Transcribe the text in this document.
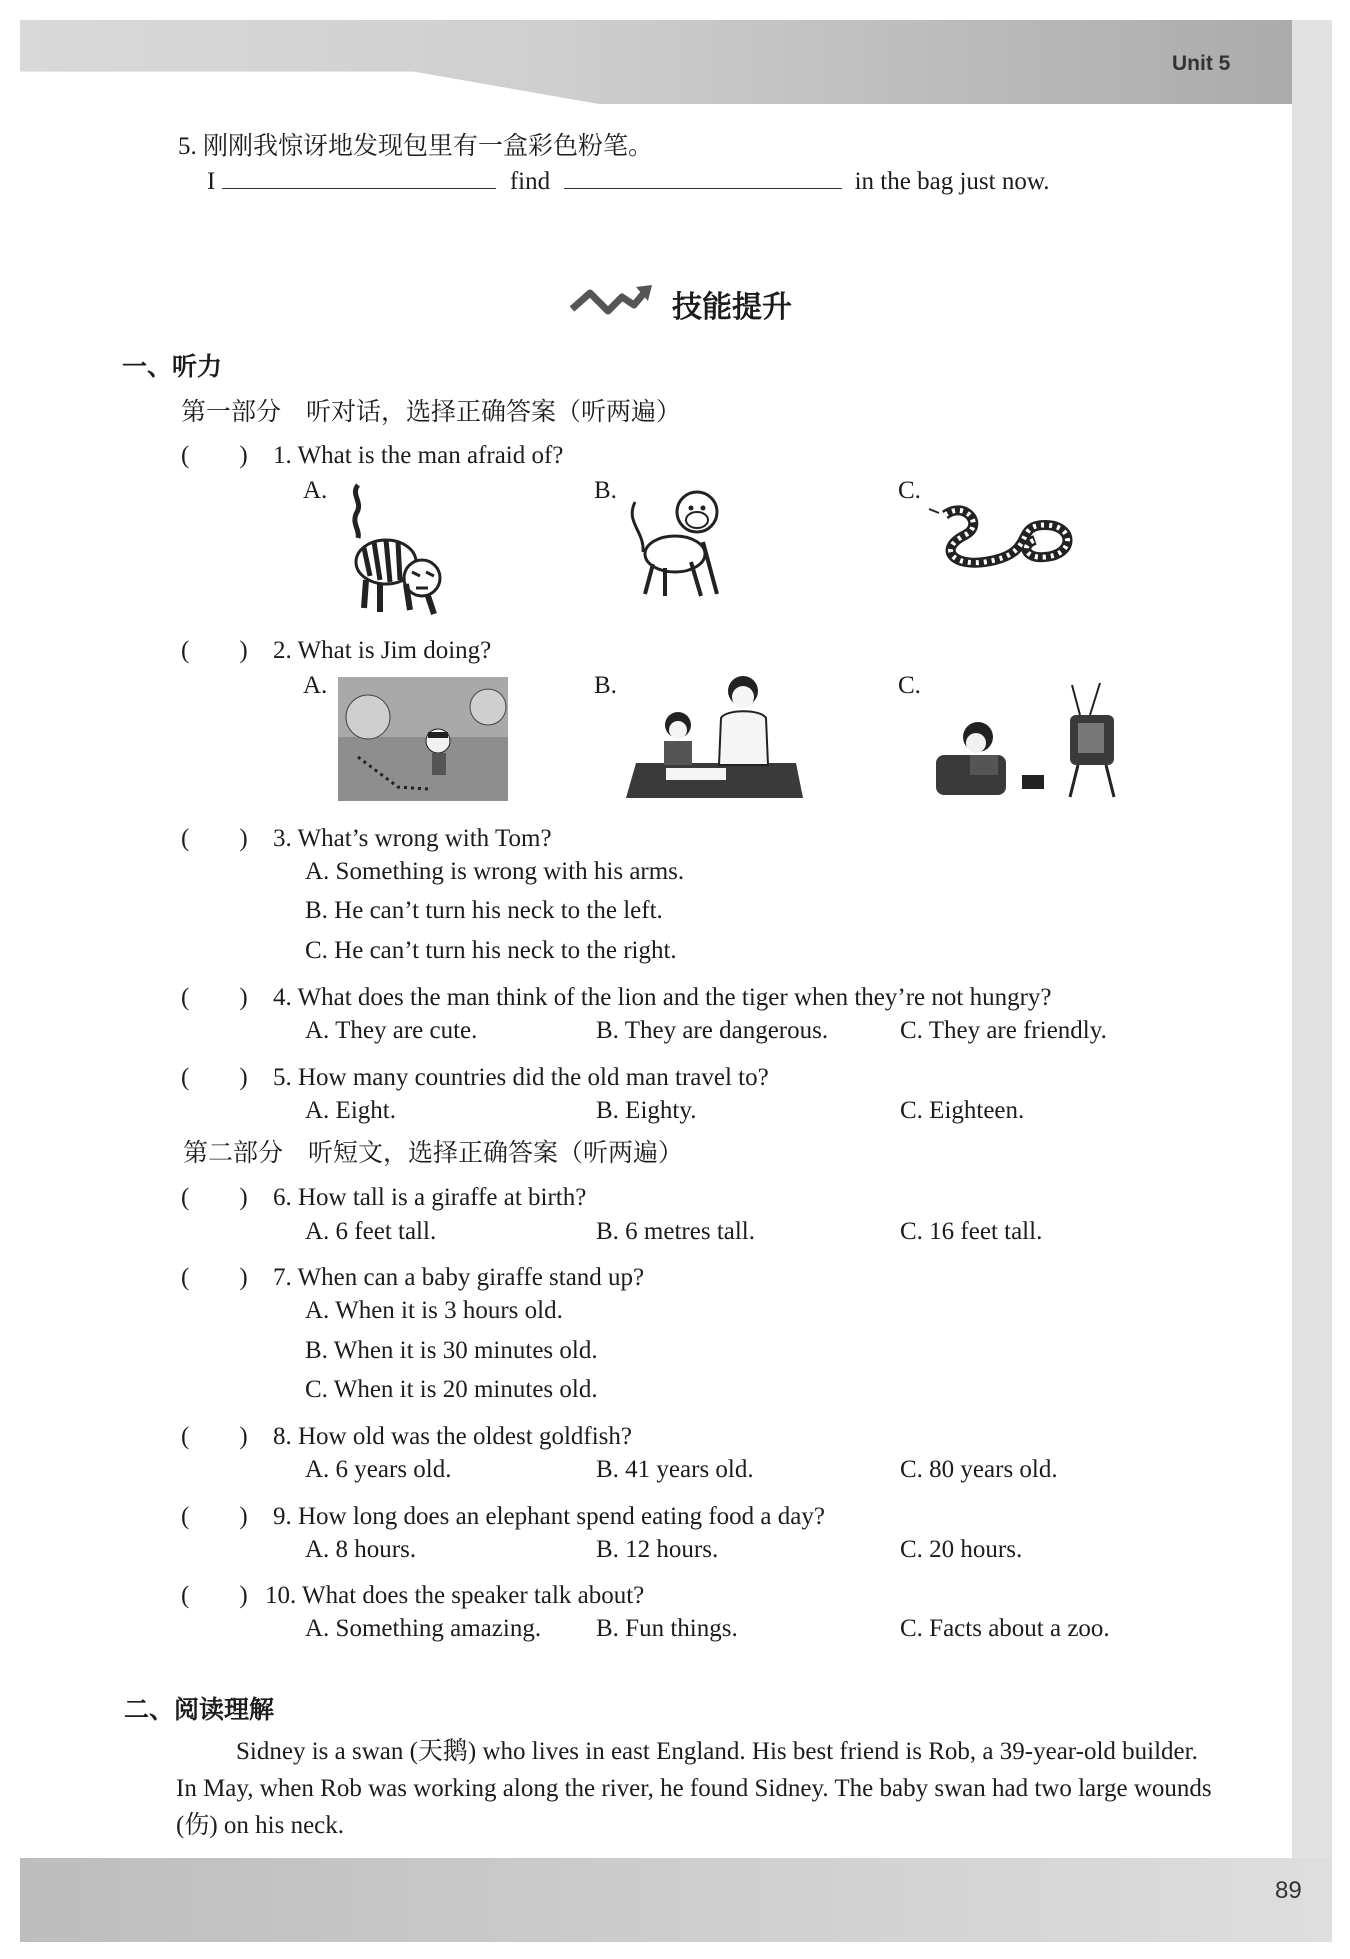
Unit 5
5. 刚刚我惊讶地发现包里有一盒彩色粉笔。
I	find	in the bag just now.
技能提升
一、听力
第一部分　听对话，选择正确答案（听两遍）
(　　) 1. What is the man afraid of?
A.	B.	C.
(　　) 2. What is Jim doing?
A.	B.	C.
(　　) 3. What’s wrong with Tom?
A. Something is wrong with his arms.
B. He can’t turn his neck to the left.
C. He can’t turn his neck to the right.
(　　) 4. What does the man think of the lion and the tiger when they’re not hungry?
A. They are cute.	B. They are dangerous.	C. They are friendly.
(　　) 5. How many countries did the old man travel to?
A. Eight.	B. Eighty.	C. Eighteen.
第二部分　听短文，选择正确答案（听两遍）
(　　) 6. How tall is a giraffe at birth?
A. 6 feet tall.	B. 6 metres tall.	C. 16 feet tall.
(　　) 7. When can a baby giraffe stand up?
A. When it is 3 hours old.
B. When it is 30 minutes old.
C. When it is 20 minutes old.
(　　) 8. How old was the oldest goldfish?
A. 6 years old.	B. 41 years old.	C. 80 years old.
(　　) 9. How long does an elephant spend eating food a day?
A. 8 hours.	B. 12 hours.	C. 20 hours.
(　　) 10. What does the speaker talk about?
A. Something amazing. B. Fun things.	C. Facts about a zoo.
二、阅读理解
Sidney is a swan (天鹅) who lives in east England. His best friend is Rob, a 39-year-old builder. In May, when Rob was working along the river, he found Sidney. The baby swan had two large wounds (伤) on his neck.
89
